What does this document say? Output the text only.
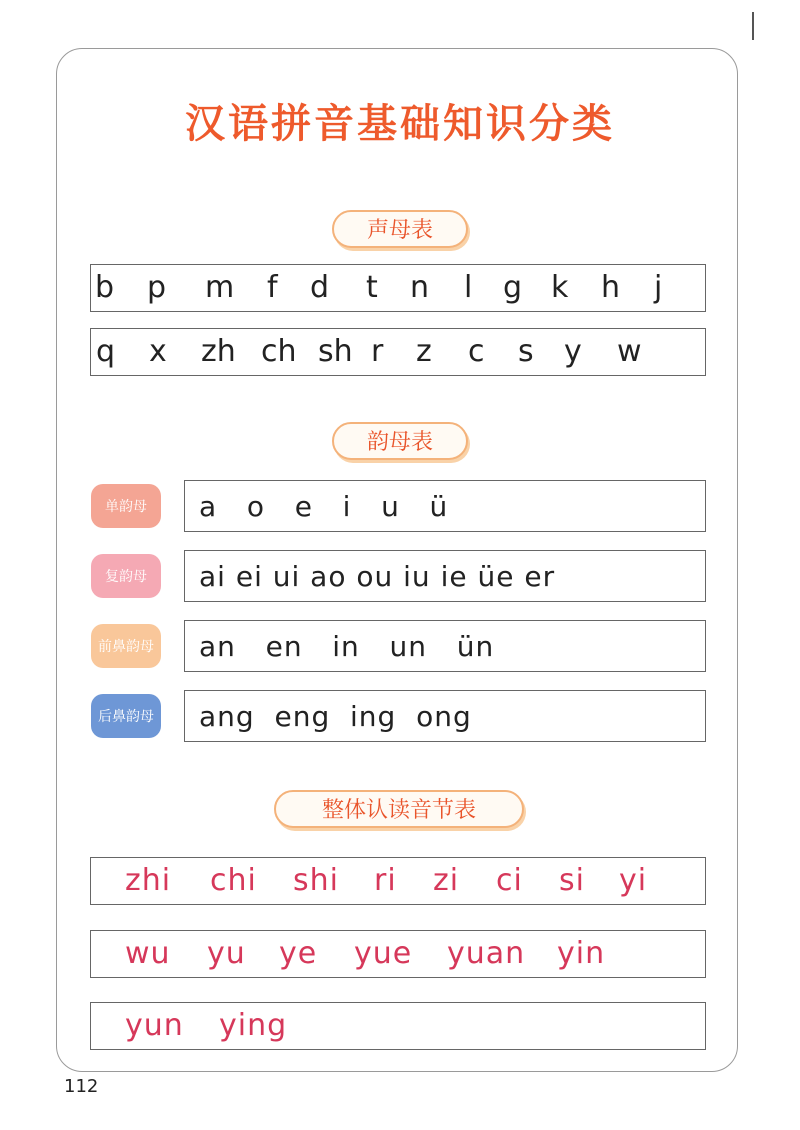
汉语拼音基础知识分类
声母表
b p m f d t n l g k h j
q x zh ch sh r z c s y w
韵母表
单韵母	a   o   e   i   u   ü
复韵母	ai ei ui ao ou iu ie üe er
前鼻韵母 an   en   in   un   ün
后鼻韵母 ang  eng  ing  ong
整体认读音节表
zhi chi shi ri zi ci si yi
wu yu ye yue yuan yin
yun ying
112
